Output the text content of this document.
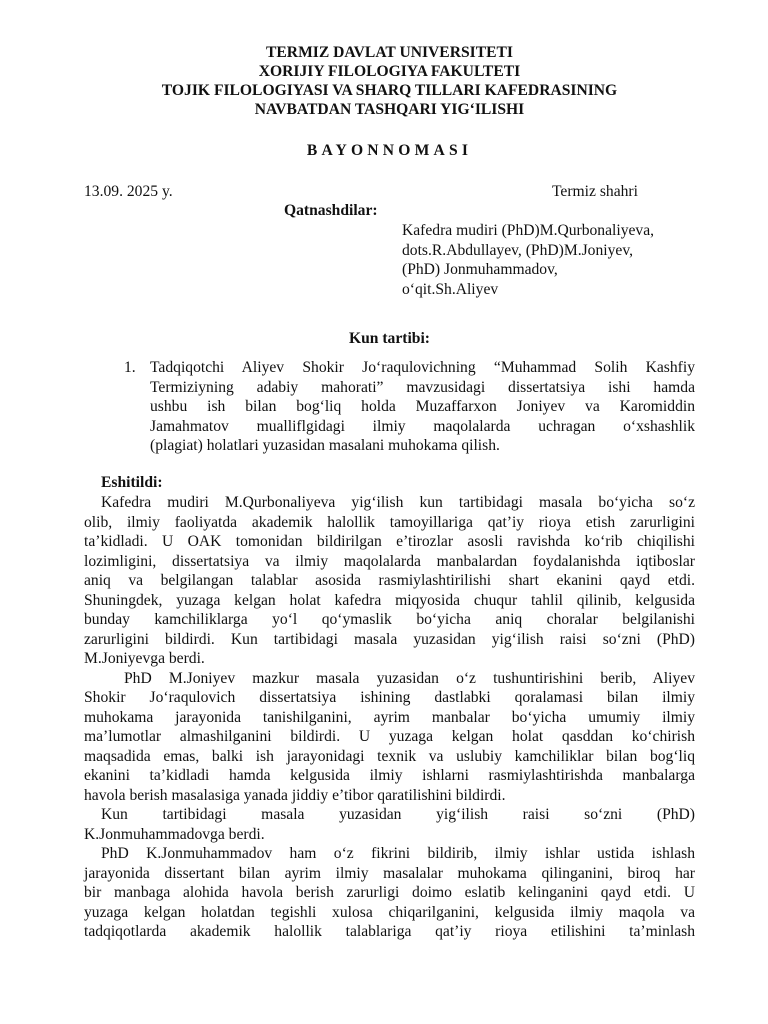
TERMIZ DAVLAT UNIVERSITETI
XORIJIY FILOLOGIYA FAKULTETI
TOJIK FILOLOGIYASI VA SHARQ TILLARI KAFEDRASINING
NAVBATDAN TASHQARI YIG‘ILISHI
BAYONNOMASI
13.09. 2025 y.	Termiz shahri
Qatnashdilar:
Kafedra mudiri (PhD)M.Qurbonaliyeva,
dots.R.Abdullayev, (PhD)M.Joniyev,
(PhD) Jonmuhammadov,
o‘qit.Sh.Aliyev
Kun tartibi:
1. Tadqiqotchi Aliyev Shokir Jo‘raqulovichning “Muhammad Solih Kashfiy
Termiziyning adabiy mahorati” mavzusidagi dissertatsiya ishi hamda
ushbu ish bilan bog‘liq holda Muzaffarxon Joniyev va Karomiddin
Jamahmatov mualliflgidagi ilmiy maqolalarda uchragan o‘xshashlik
(plagiat) holatlari yuzasidan masalani muhokama qilish.
Eshitildi:
Kafedra mudiri M.Qurbonaliyeva yig‘ilish kun tartibidagi masala bo‘yicha so‘z
olib, ilmiy faoliyatda akademik halollik tamoyillariga qat’iy rioya etish zarurligini
ta’kidladi. U OAK tomonidan bildirilgan e’tirozlar asosli ravishda ko‘rib chiqilishi
lozimligini, dissertatsiya va ilmiy maqolalarda manbalardan foydalanishda iqtiboslar
aniq va belgilangan talablar asosida rasmiylashtirilishi shart ekanini qayd etdi.
Shuningdek, yuzaga kelgan holat kafedra miqyosida chuqur tahlil qilinib, kelgusida
bunday kamchiliklarga yo‘l qo‘ymaslik bo‘yicha aniq choralar belgilanishi
zarurligini bildirdi. Kun tartibidagi masala yuzasidan yig‘ilish raisi so‘zni (PhD)
M.Joniyevga berdi.
PhD M.Joniyev mazkur masala yuzasidan o‘z tushuntirishini berib, Aliyev
Shokir Jo‘raqulovich dissertatsiya ishining dastlabki qoralamasi bilan ilmiy
muhokama jarayonida tanishilganini, ayrim manbalar bo‘yicha umumiy ilmiy
ma’lumotlar almashilganini bildirdi. U yuzaga kelgan holat qasddan ko‘chirish
maqsadida emas, balki ish jarayonidagi texnik va uslubiy kamchiliklar bilan bog‘liq
ekanini ta’kidladi hamda kelgusida ilmiy ishlarni rasmiylashtirishda manbalarga
havola berish masalasiga yanada jiddiy e’tibor qaratilishini bildirdi.
Kun tartibidagi masala yuzasidan yig‘ilish raisi so‘zni (PhD)
K.Jonmuhammadovga berdi.
PhD K.Jonmuhammadov ham o‘z fikrini bildirib, ilmiy ishlar ustida ishlash
jarayonida dissertant bilan ayrim ilmiy masalalar muhokama qilinganini, biroq har
bir manbaga alohida havola berish zarurligi doimo eslatib kelinganini qayd etdi. U
yuzaga kelgan holatdan tegishli xulosa chiqarilganini, kelgusida ilmiy maqola va
tadqiqotlarda akademik halollik talablariga qat’iy rioya etilishini ta’minlash
